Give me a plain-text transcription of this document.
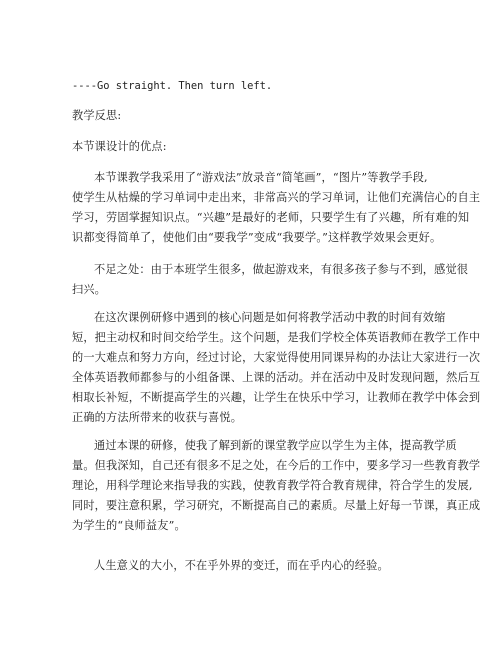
----Go straight. Then turn left.
教学反思:
本节课设计的优点:
本节课教学我采用了“游戏法”放录音“简笔画”，“图片”等教学手段,
使学生从枯燥的学习单词中走出来，非常高兴的学习单词，让他们充满信心的自主
学习，劳固掌握知识点。“兴趣”是最好的老师，只要学生有了兴趣，所有难的知
识都变得简单了，使他们由“要我学”变成“我要学。”这样教学效果会更好。
不足之处：由于本班学生很多，做起游戏来，有很多孩子参与不到，感觉很
扫兴。
在这次课例研修中遇到的核心问题是如何将教学活动中教的时间有效缩
短，把主动权和时间交给学生。这个问题，是我们学校全体英语教师在教学工作中
的一大难点和努力方向，经过讨论，大家觉得使用同课异构的办法让大家进行一次
全体英语教师都参与的小组备课、上课的活动。并在活动中及时发现问题，然后互
相取长补短，不断提高学生的兴趣，让学生在快乐中学习，让教师在教学中体会到
正确的方法所带来的收获与喜悦。
通过本课的研修，使我了解到新的课堂教学应以学生为主体，提高教学质
量。但我深知，自己还有很多不足之处，在今后的工作中，要多学习一些教育教学
理论，用科学理论来指导我的实践，使教育教学符合教育规律，符合学生的发展,
同时，要注意积累，学习研究，不断提高自己的素质。尽量上好每一节课，真正成
为学生的“良师益友”。
人生意义的大小，不在乎外界的变迁，而在乎内心的经验。
